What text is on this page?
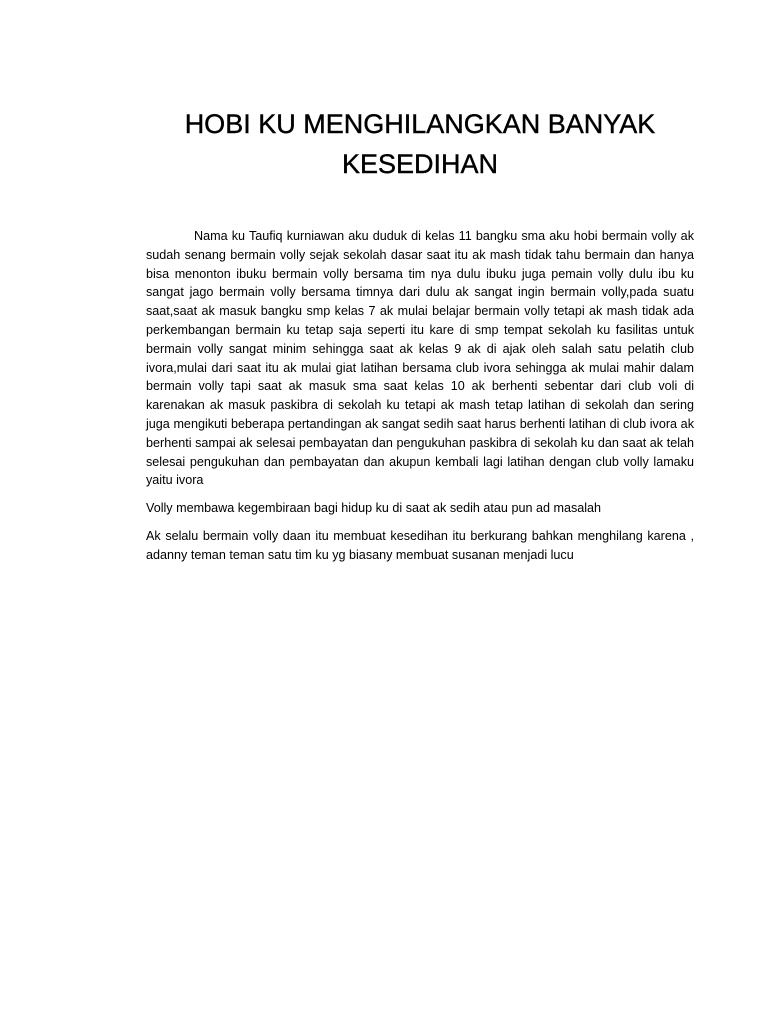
HOBI KU MENGHILANGKAN BANYAK KESEDIHAN

Nama ku Taufiq kurniawan aku duduk di kelas 11 bangku sma aku hobi bermain volly ak sudah senang bermain volly sejak sekolah dasar saat itu ak mash tidak tahu bermain dan hanya bisa menonton ibuku bermain volly bersama tim nya dulu ibuku juga pemain volly dulu ibu ku sangat jago bermain volly bersama timnya dari dulu ak sangat ingin bermain volly,pada suatu saat,saat ak masuk bangku smp kelas 7 ak mulai belajar bermain volly tetapi ak mash tidak ada perkembangan bermain ku tetap saja seperti itu kare di smp tempat sekolah ku fasilitas untuk bermain volly sangat minim sehingga saat ak kelas 9 ak di ajak oleh salah satu pelatih club ivora,mulai dari saat itu ak mulai giat latihan bersama club ivora sehingga ak mulai mahir dalam bermain volly tapi saat ak masuk sma saat kelas 10 ak berhenti sebentar dari club voli di karenakan ak masuk paskibra di sekolah ku tetapi ak mash tetap latihan di sekolah dan sering juga mengikuti beberapa pertandingan ak sangat sedih saat harus berhenti latihan di club ivora ak berhenti sampai ak selesai pembayatan dan pengukuhan paskibra di sekolah ku dan saat ak telah selesai pengukuhan dan pembayatan dan akupun kembali lagi latihan dengan club volly lamaku yaitu ivora

Volly membawa kegembiraan bagi hidup ku di saat ak sedih atau pun ad masalah

Ak selalu bermain volly daan itu membuat kesedihan itu berkurang bahkan menghilang karena , adanny teman teman satu tim ku yg biasany membuat susanan menjadi lucu
